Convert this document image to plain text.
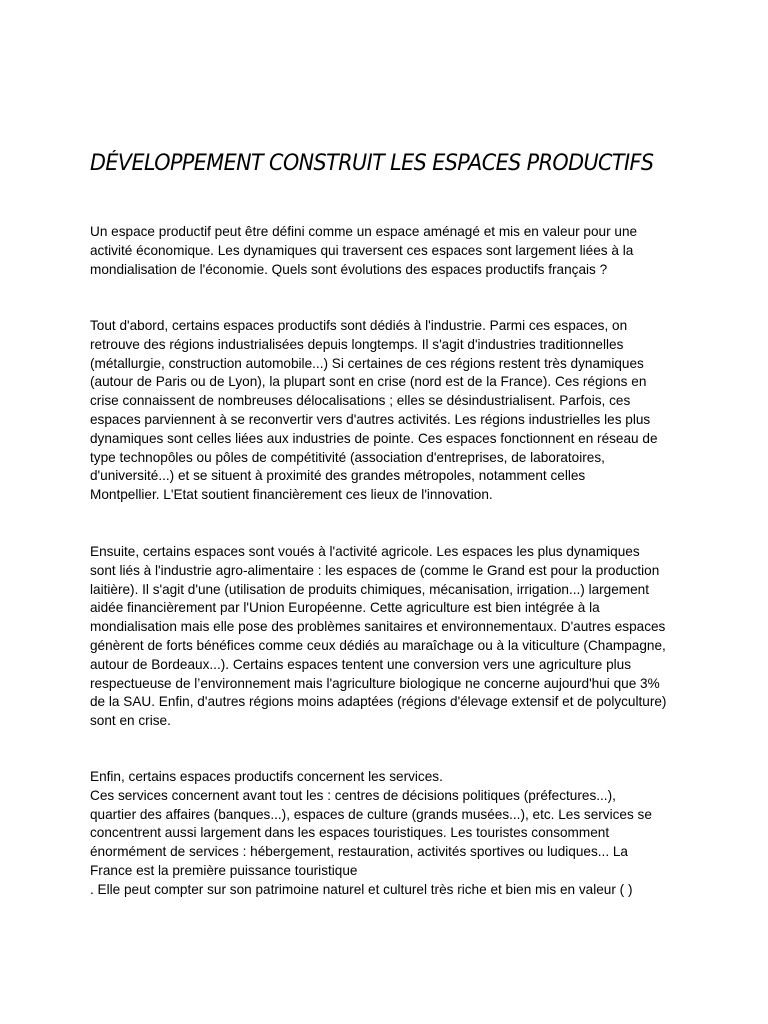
DÉVELOPPEMENT CONSTRUIT LES ESPACES PRODUCTIFS
Un espace productif peut être défini comme un espace aménagé et mis en valeur pour une
activité économique. Les dynamiques qui traversent ces espaces sont largement liées à la
mondialisation de l'économie. Quels sont évolutions des espaces productifs français ?
Tout d'abord, certains espaces productifs sont dédiés à l'industrie. Parmi ces espaces, on
retrouve des régions industrialisées depuis longtemps. Il s'agit d'industries traditionnelles
(métallurgie, construction automobile...) Si certaines de ces régions restent très dynamiques
(autour de Paris ou de Lyon), la plupart sont en crise (nord est de la France). Ces régions en
crise connaissent de nombreuses délocalisations ; elles se désindustrialisent. Parfois, ces
espaces parviennent à se reconvertir vers d'autres activités. Les régions industrielles les plus
dynamiques sont celles liées aux industries de pointe. Ces espaces fonctionnent en réseau de
type technopôles ou pôles de compétitivité (association d'entreprises, de laboratoires,
d'université...) et se situent à proximité des grandes métropoles, notamment celles
Montpellier. L'Etat soutient financièrement ces lieux de l'innovation.
Ensuite, certains espaces sont voués à l'activité agricole. Les espaces les plus dynamiques
sont liés à l'industrie agro-alimentaire : les espaces de (comme le Grand est pour la production
laitière). Il s'agit d'une (utilisation de produits chimiques, mécanisation, irrigation...) largement
aidée financièrement par l'Union Européenne. Cette agriculture est bien intégrée à la
mondialisation mais elle pose des problèmes sanitaires et environnementaux. D'autres espaces
génèrent de forts bénéfices comme ceux dédiés au maraîchage ou à la viticulture (Champagne,
autour de Bordeaux...). Certains espaces tentent une conversion vers une agriculture plus
respectueuse de l’environnement mais l'agriculture biologique ne concerne aujourd'hui que 3%
de la SAU. Enfin, d'autres régions moins adaptées (régions d'élevage extensif et de polyculture)
sont en crise.
Enfin, certains espaces productifs concernent les services.
Ces services concernent avant tout les : centres de décisions politiques (préfectures...),
quartier des affaires (banques...), espaces de culture (grands musées...), etc. Les services se
concentrent aussi largement dans les espaces touristiques. Les touristes consomment
énormément de services : hébergement, restauration, activités sportives ou ludiques... La
France est la première puissance touristique
. Elle peut compter sur son patrimoine naturel et culturel très riche et bien mis en valeur ( )
